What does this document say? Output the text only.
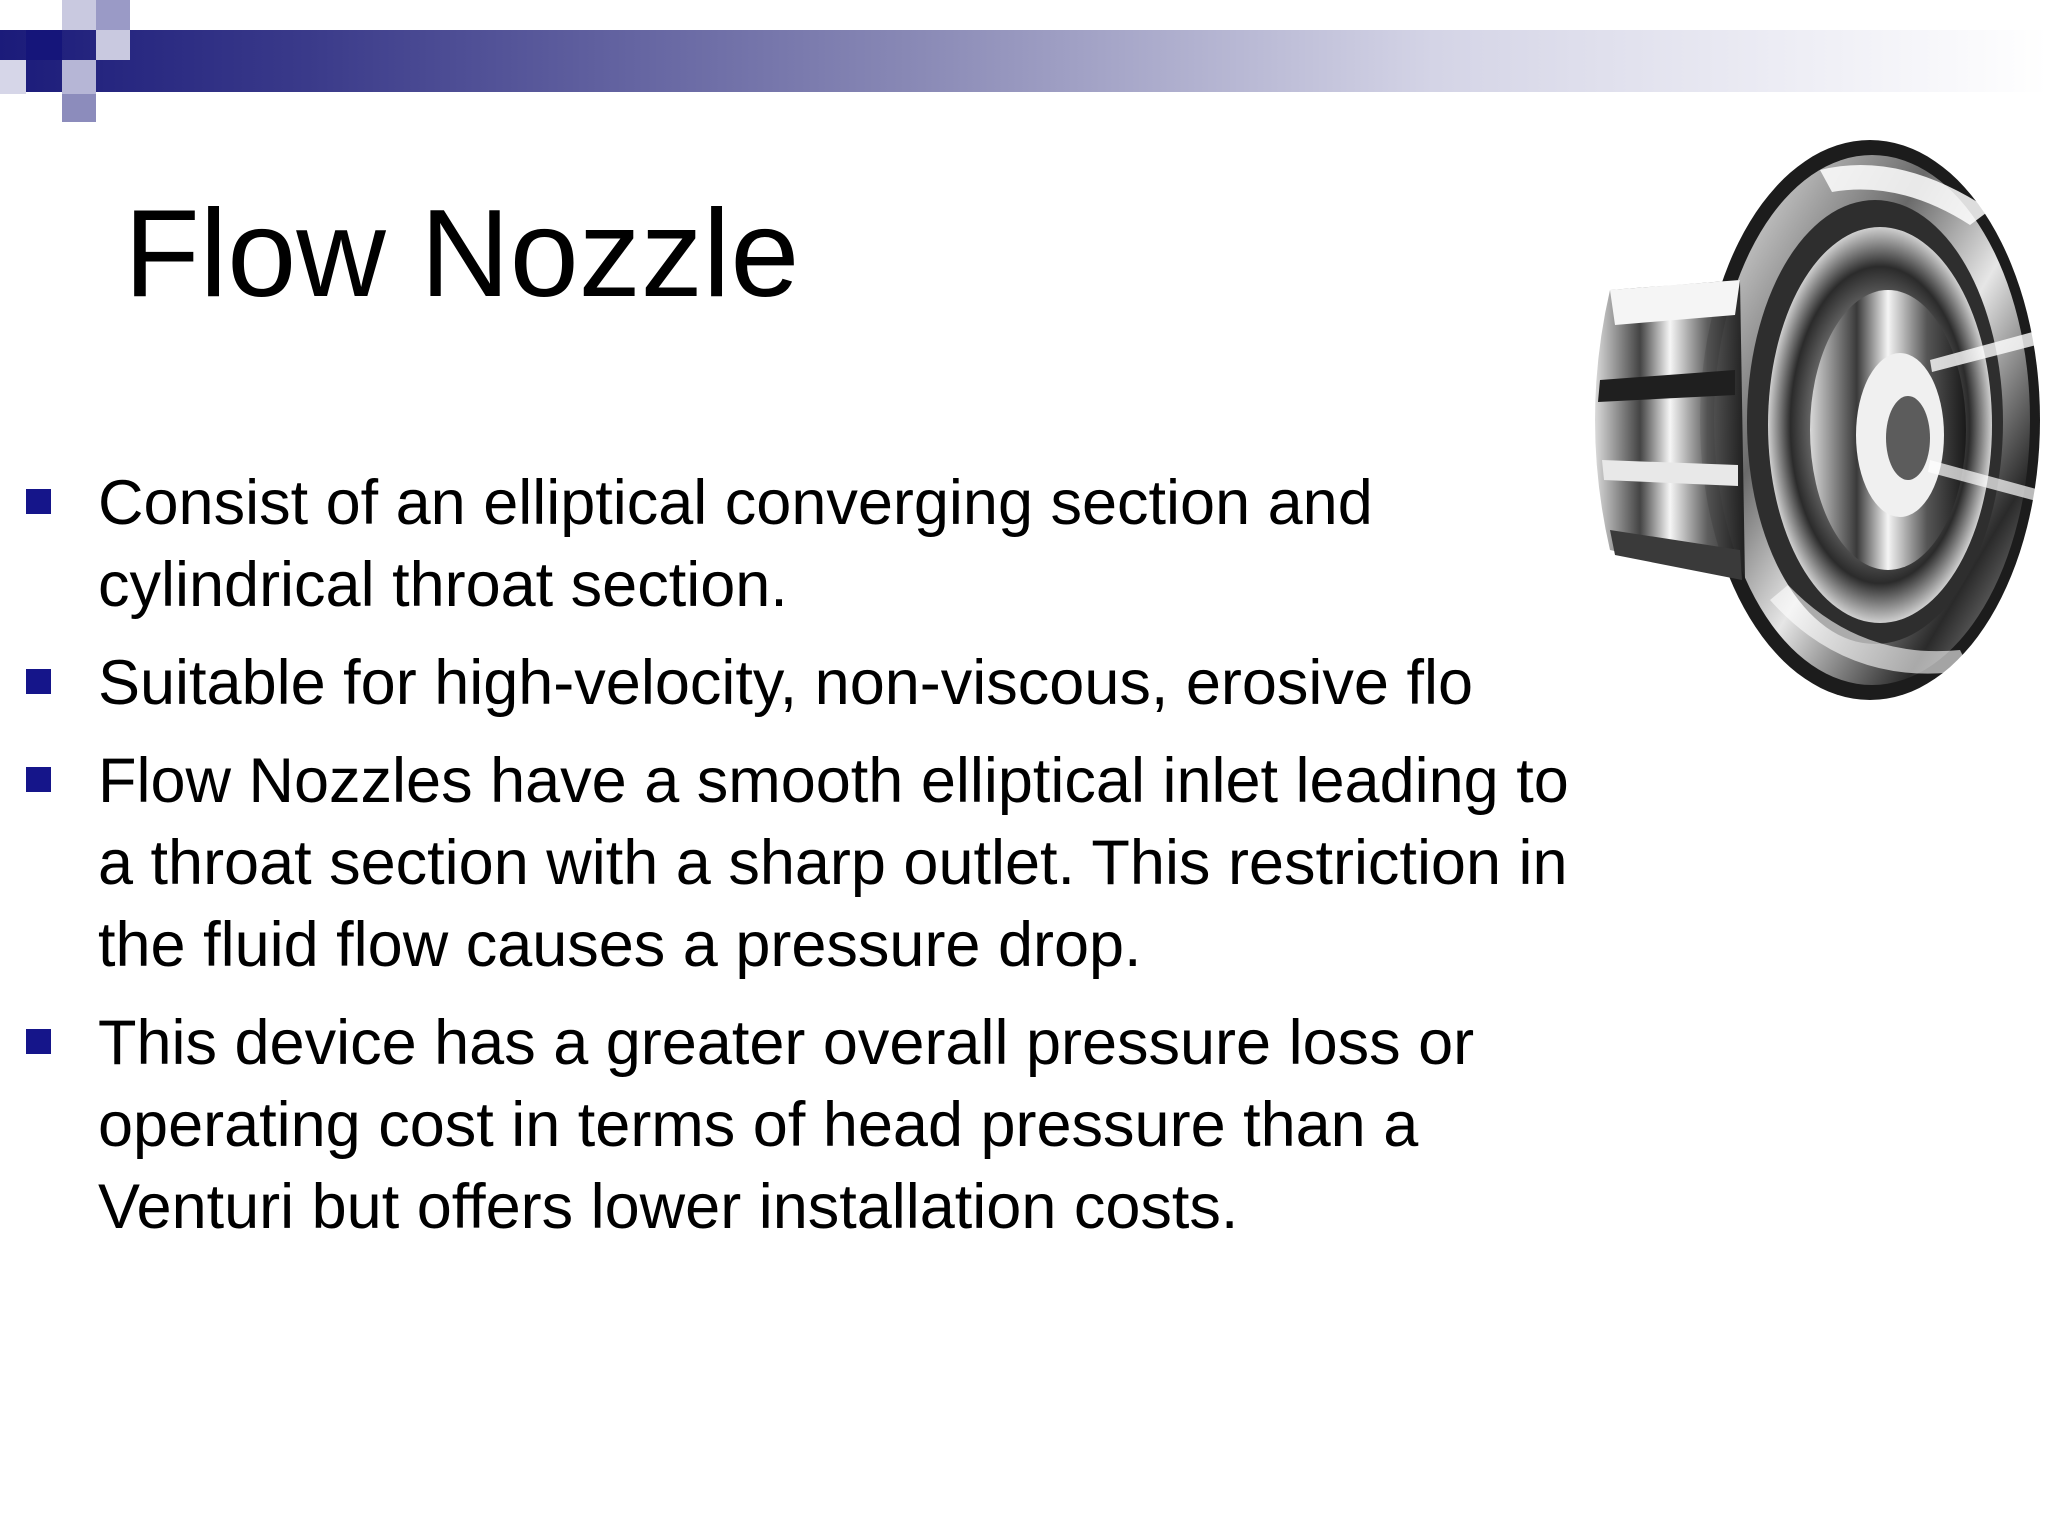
Flow Nozzle
Consist of an elliptical converging section and
cylindrical throat section.
Suitable for high-velocity, non-viscous, erosive flo
Flow Nozzles have a smooth elliptical inlet leading to
a throat section with a sharp outlet. This restriction in
the fluid flow causes a pressure drop.
This device has a greater overall pressure loss or
operating cost in terms of head pressure than a
Venturi but offers lower installation costs.
